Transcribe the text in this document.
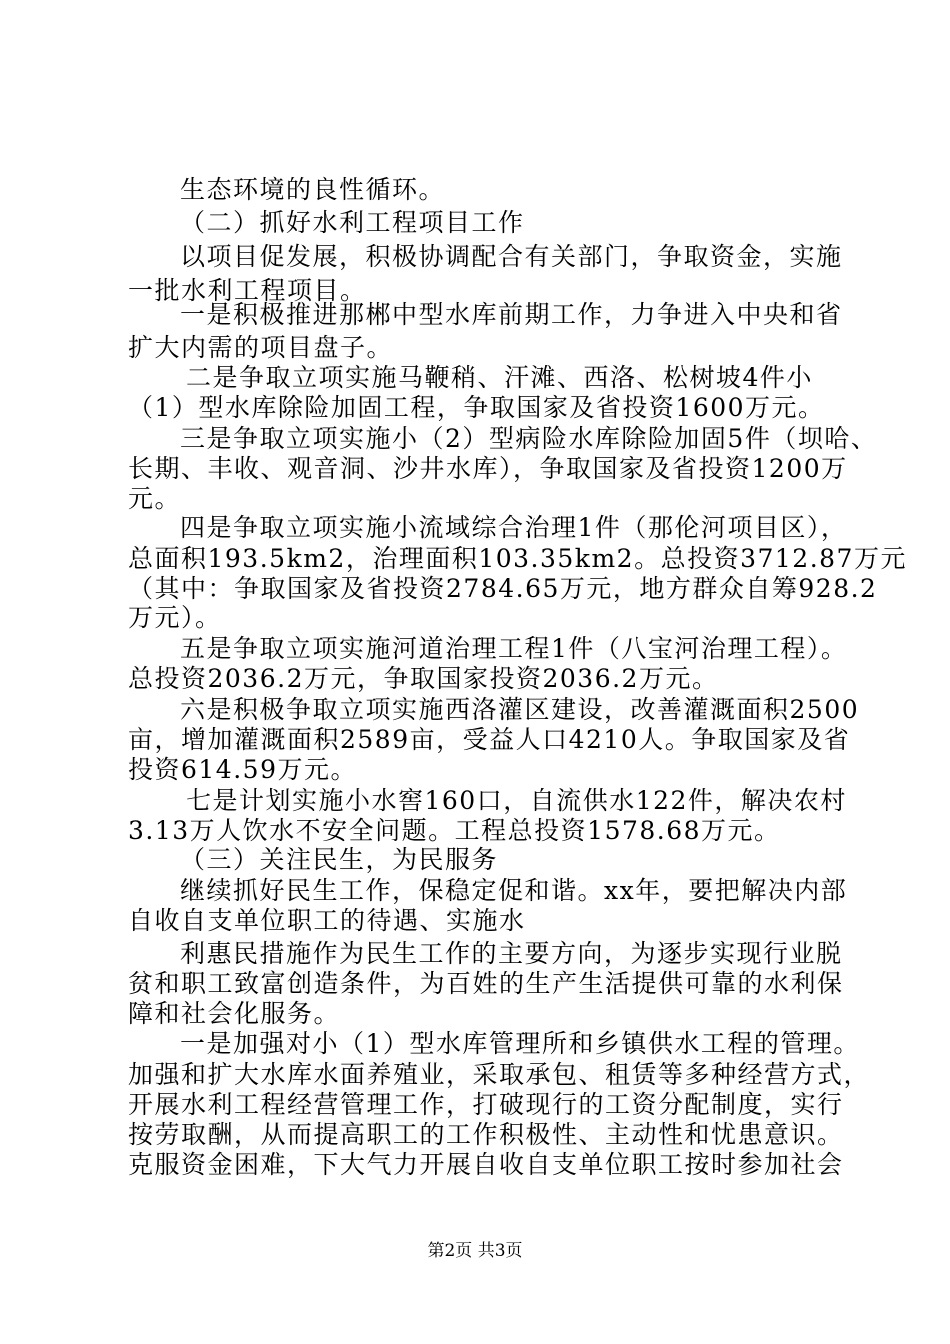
生态环境的良性循环。
（二）抓好水利工程项目工作
以项目促发展，积极协调配合有关部门，争取资金，实施
一批水利工程项目。
一是积极推进那郴中型水库前期工作，力争进入中央和省
扩大内需的项目盘子。
二是争取立项实施马鞭稍、汗滩、西洛、松树坡4件小
（1）型水库除险加固工程，争取国家及省投资1600万元。
三是争取立项实施小（2）型病险水库除险加固5件（坝哈、
长期、丰收、观音洞、沙井水库），争取国家及省投资1200万
元。
四是争取立项实施小流域综合治理1件（那伦河项目区），
总面积193.5km2，治理面积103.35km2。总投资3712.87万元
（其中：争取国家及省投资2784.65万元，地方群众自筹928.2
万元）。
五是争取立项实施河道治理工程1件（八宝河治理工程）。
总投资2036.2万元，争取国家投资2036.2万元。
六是积极争取立项实施西洛灌区建设，改善灌溉面积2500
亩，增加灌溉面积2589亩，受益人口4210人。争取国家及省
投资614.59万元。
七是计划实施小水窖160口，自流供水122件，解决农村
3.13万人饮水不安全问题。工程总投资1578.68万元。
（三）关注民生，为民服务
继续抓好民生工作，保稳定促和谐。xx年，要把解决内部
自收自支单位职工的待遇、实施水
利惠民措施作为民生工作的主要方向，为逐步实现行业脱
贫和职工致富创造条件，为百姓的生产生活提供可靠的水利保
障和社会化服务。
一是加强对小（1）型水库管理所和乡镇供水工程的管理。
加强和扩大水库水面养殖业，采取承包、租赁等多种经营方式，
开展水利工程经营管理工作，打破现行的工资分配制度，实行
按劳取酬，从而提高职工的工作积极性、主动性和忧患意识。
克服资金困难，下大气力开展自收自支单位职工按时参加社会
第2页 共3页
